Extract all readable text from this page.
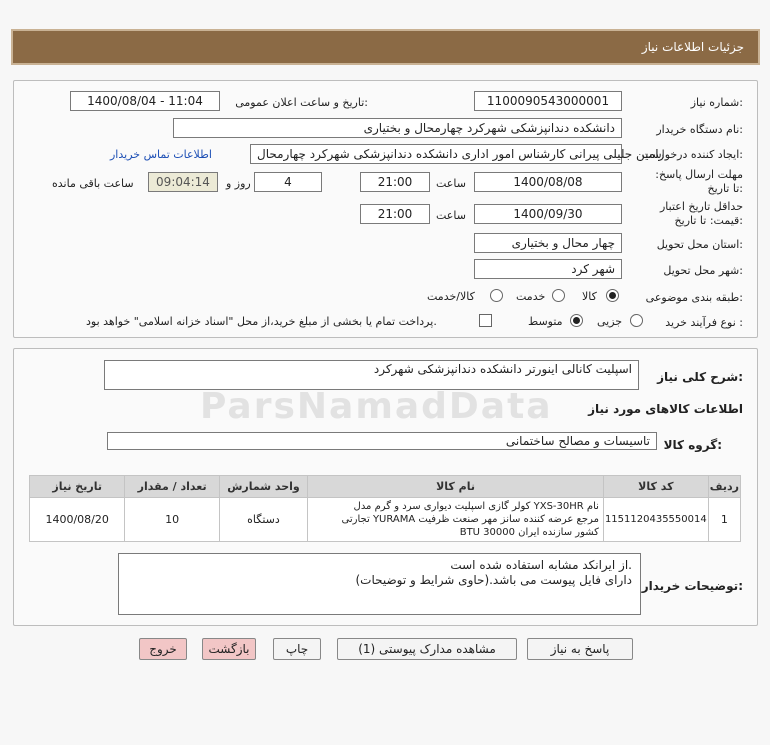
جزئیات اطلاعات نیاز
شماره نیاز:
1100090543000001
تاریخ و ساعت اعلان عمومی:
1400/08/04 - 11:04
نام دستگاه خریدار:
دانشکده دندانپزشکی شهرکرد چهارمحال و بختیاری
ایجاد کننده درخواست:
رامین جلیلی پیرانی کارشناس امور اداری دانشکده دندانپزشکی شهرکرد چهارمحال
اطلاعات تماس خریدار
مهلت ارسال پاسخ: تا تاریخ:
1400/08/08
ساعت
21:00
4
روز و
09:04:14
ساعت باقی مانده
حداقل تاریخ اعتبار قیمت: تا تاریخ:
1400/09/30
ساعت
21:00
استان محل تحویل:
چهار محال و بختیاری
شهر محل تحویل:
شهر کرد
طبقه بندی موضوعی:
کالا
خدمت
کالا/خدمت
نوع فرآیند خرید :
جزیی
متوسط
پرداخت تمام یا بخشی از مبلغ خرید،از محل "اسناد خزانه اسلامی" خواهد بود.
شرح کلی نیاز:
اسپلیت کانالی اینورتر دانشکده دندانپزشکی شهرکرد
ParsNamadData	اطلاعات کالاهای مورد نیاز
گروه کالا:
تاسیسات و مصالح ساختمانی
تاریخ نیاز	تعداد / مقدار	واحد شمارش	نام کالا	کد کالا	ردیف
1400/08/20	10	دستگاه	کولر گازی اسپلیت دیواری سرد و گرم مدل YXS-30HR نام
تجارتی YURAMA مرجع عرضه کننده سانز مهر صنعت ظرفیت
BTU 30000 کشور سازنده ایران	1151120435550014	1
توضیحات خریدار:
از ایرانکد مشابه استفاده شده است.
دارای فایل پیوست می باشد.(حاوی شرایط و توضیحات)
پاسخ به نیاز
مشاهده مدارک پیوستی (1)
چاپ
بازگشت
خروج
